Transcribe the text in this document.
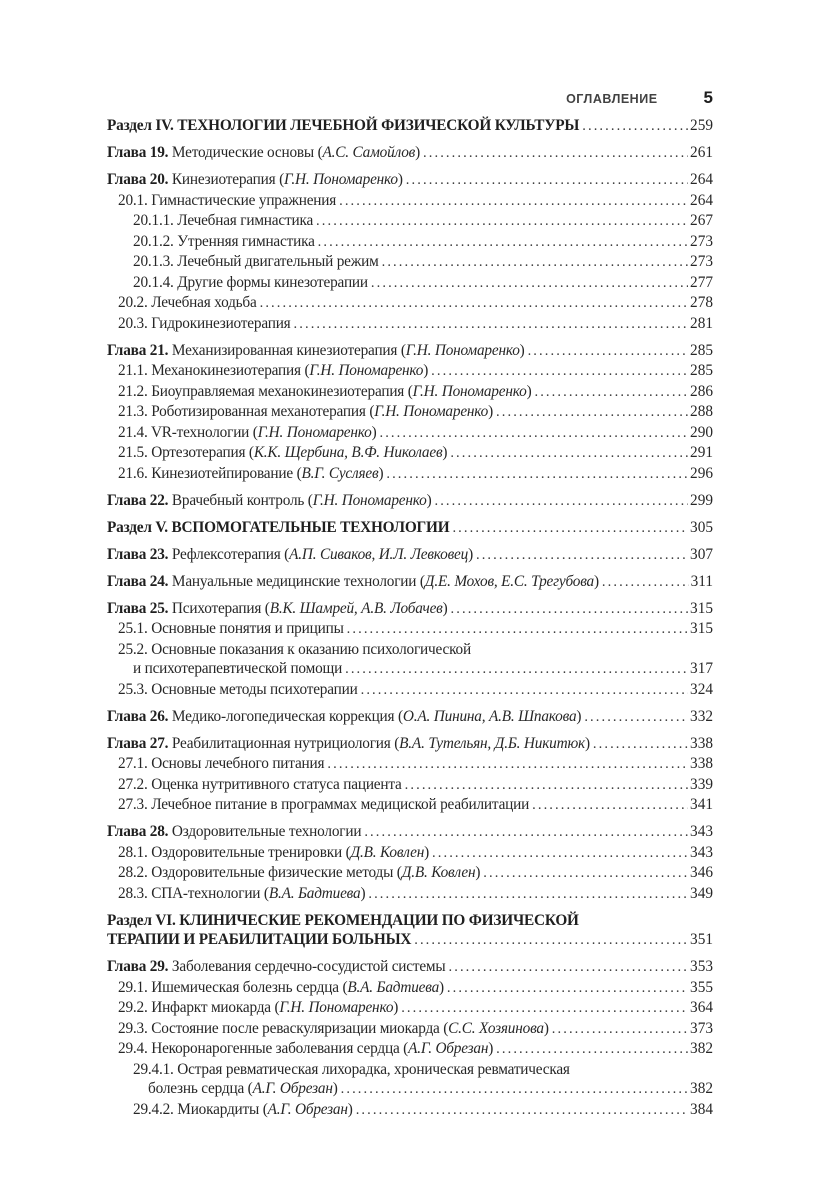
ОГЛАВЛЕНИЕ	5
Раздел IV. ТЕХНОЛОГИИ ЛЕЧЕБНОЙ ФИЗИЧЕСКОЙ КУЛЬТУРЫ .....	259
Глава 19. Методические основы (А.С. Самойлов) .....	261
Глава 20. Кинезиотерапия (Г.Н. Пономаренко) .....	264
20.1. Гимнастические упражнения .....	264
20.1.1. Лечебная гимнастика .....	267
20.1.2. Утренняя гимнастика .....	273
20.1.3. Лечебный двигательный режим .....	273
20.1.4. Другие формы кинезотерапии .....	277
20.2. Лечебная ходьба .....	278
20.3. Гидрокинезиотерапия .....	281
Глава 21. Механизированная кинезиотерапия (Г.Н. Пономаренко) .....	285
21.1. Механокинезиотерапия (Г.Н. Пономаренко) .....	285
21.2. Биоуправляемая механокинезиотерапия (Г.Н. Пономаренко) .....	286
21.3. Роботизированная механотерапия (Г.Н. Пономаренко) .....	288
21.4. VR-технологии (Г.Н. Пономаренко) .....	290
21.5. Ортезотерапия (К.К. Щербина, В.Ф. Николаев) .....	291
21.6. Кинезиотейпирование (В.Г. Сусляев) .....	296
Глава 22. Врачебный контроль (Г.Н. Пономаренко) .....	299
Раздел V. ВСПОМОГАТЕЛЬНЫЕ ТЕХНОЛОГИИ .....	305
Глава 23. Рефлексотерапия (А.П. Сиваков, И.Л. Левковец) .....	307
Глава 24. Мануальные медицинские технологии (Д.Е. Мохов, Е.С. Трегубова) .....	311
Глава 25. Психотерапия (В.К. Шамрей, А.В. Лобачев) .....	315
25.1. Основные понятия и приципы .....	315
25.2. Основные показания к оказанию психологической
и психотерапевтической помощи .....	317
25.3. Основные методы психотерапии .....	324
Глава 26. Медико-логопедическая коррекция (О.А. Пинина, А.В. Шпакова) .....	332
Глава 27. Реабилитационная нутрициология (В.А. Тутельян, Д.Б. Никитюк) .....	338
27.1. Основы лечебного питания .....	338
27.2. Оценка нутритивного статуса пациента .....	339
27.3. Лечебное питание в программах медициской реабилитации .....	341
Глава 28. Оздоровительные технологии .....	343
28.1. Оздоровительные тренировки (Д.В. Ковлен) .....	343
28.2. Оздоровительные физические методы (Д.В. Ковлен) .....	346
28.3. СПА-технологии (В.А. Бадтиева) .....	349
Раздел VI. КЛИНИЧЕСКИЕ РЕКОМЕНДАЦИИ ПО ФИЗИЧЕСКОЙ
ТЕРАПИИ И РЕАБИЛИТАЦИИ БОЛЬНЫХ .....	351
Глава 29. Заболевания сердечно-сосудистой системы .....	353
29.1. Ишемическая болезнь сердца (В.А. Бадтиева) .....	355
29.2. Инфаркт миокарда (Г.Н. Пономаренко) .....	364
29.3. Состояние после реваскуляризации миокарда (С.С. Хозяинова) .....	373
29.4. Некоронарогенные заболевания сердца (А.Г. Обрезан) .....	382
29.4.1. Острая ревматическая лихорадка, хроническая ревматическая
болезнь сердца (А.Г. Обрезан) .....	382
29.4.2. Миокардиты (А.Г. Обрезан) .....	384
